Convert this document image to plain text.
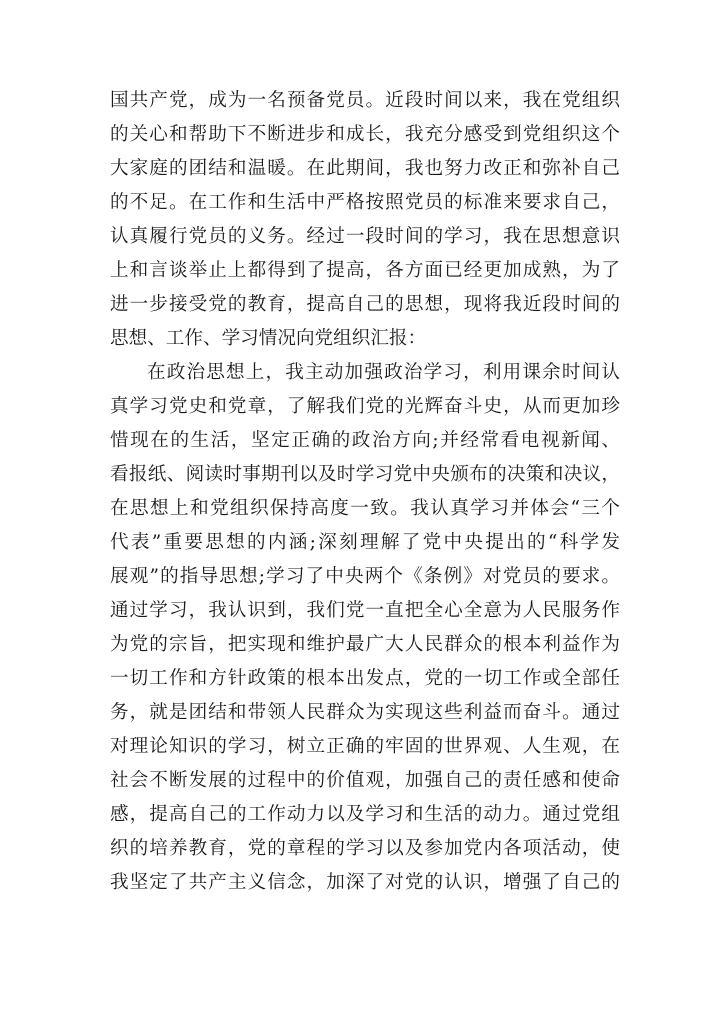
国共产党，成为一名预备党员。近段时间以来，我在党组织
的关心和帮助下不断进步和成长，我充分感受到党组织这个
大家庭的团结和温暖。在此期间，我也努力改正和弥补自己
的不足。在工作和生活中严格按照党员的标准来要求自己，
认真履行党员的义务。经过一段时间的学习，我在思想意识
上和言谈举止上都得到了提高，各方面已经更加成熟，为了
进一步接受党的教育，提高自己的思想，现将我近段时间的
思想、工作、学习情况向党组织汇报：
在政治思想上，我主动加强政治学习，利用课余时间认
真学习党史和党章，了解我们党的光辉奋斗史，从而更加珍
惜现在的生活，坚定正确的政治方向;并经常看电视新闻、
看报纸、阅读时事期刊以及时学习党中央颁布的决策和决议，
在思想上和党组织保持高度一致。我认真学习并体会“三个
代表”重要思想的内涵;深刻理解了党中央提出的“科学发
展观”的指导思想;学习了中央两个《条例》对党员的要求。
通过学习，我认识到，我们党一直把全心全意为人民服务作
为党的宗旨，把实现和维护最广大人民群众的根本利益作为
一切工作和方针政策的根本出发点，党的一切工作或全部任
务，就是团结和带领人民群众为实现这些利益而奋斗。通过
对理论知识的学习，树立正确的牢固的世界观、人生观，在
社会不断发展的过程中的价值观，加强自己的责任感和使命
感，提高自己的工作动力以及学习和生活的动力。通过党组
织的培养教育，党的章程的学习以及参加党内各项活动，使
我坚定了共产主义信念，加深了对党的认识，增强了自己的
